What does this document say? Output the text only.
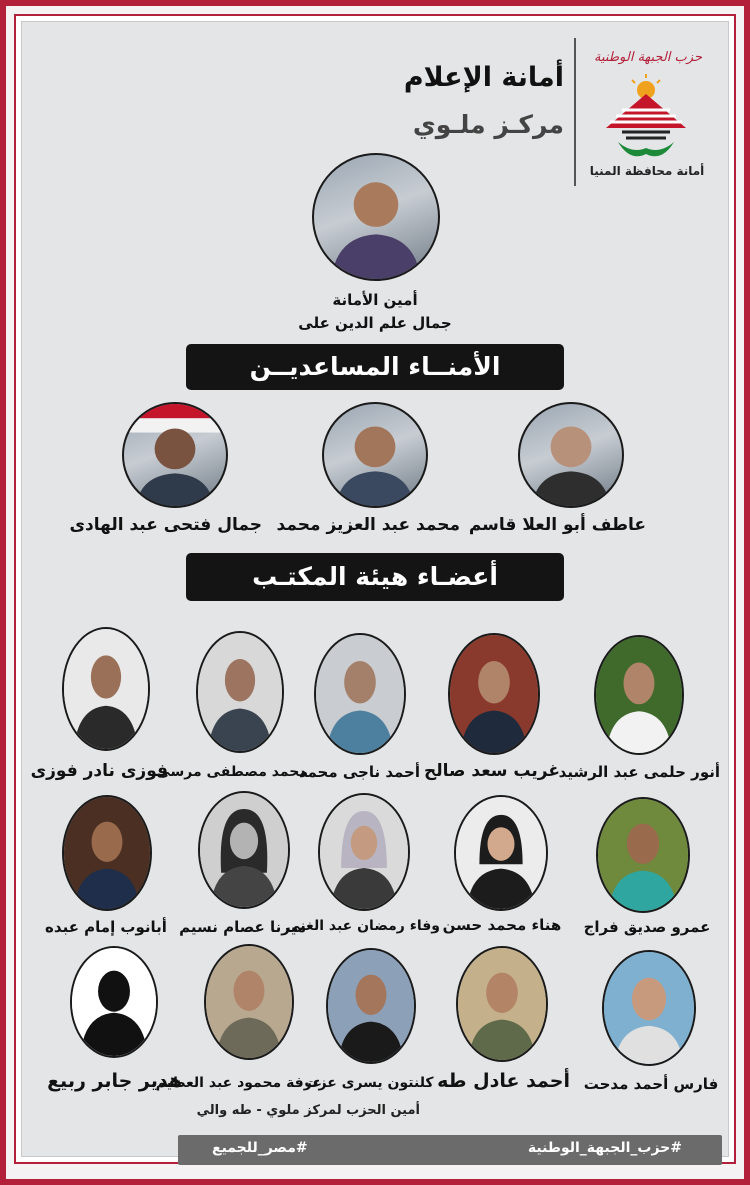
أمانة الإعلام
مركـز ملـوي
حزب الجبهة الوطنية
أمانة محافظة المنيا
أمين الأمانة
جمال علم الدين على
الأمنــاء المساعديــن
عاطف أبو العلا قاسم
محمد عبد العزيز محمد
جمال فتحى عبد الهادى
أعضـاء هيئة المكتـب
أنور حلمى عبد الرشيد
غريب سعد صالح
أحمد ناجى محمد
محمد مصطفى مرسى
فوزى نادر فوزى
عمرو صديق فراج
هناء محمد حسن
وفاء رمضان عبد الغنى
ميرنا عصام نسيم
أبانوب إمام عبده
فارس أحمد مدحت
أحمد عادل طه
كلنتون يسرى عزت
عرفة محمود عبد العظيم
هدير جابر ربيع
أمين الحزب لمركز ملوي - طه والي
#حزب_الجبهة_الوطنية
#مصر_للجميع
